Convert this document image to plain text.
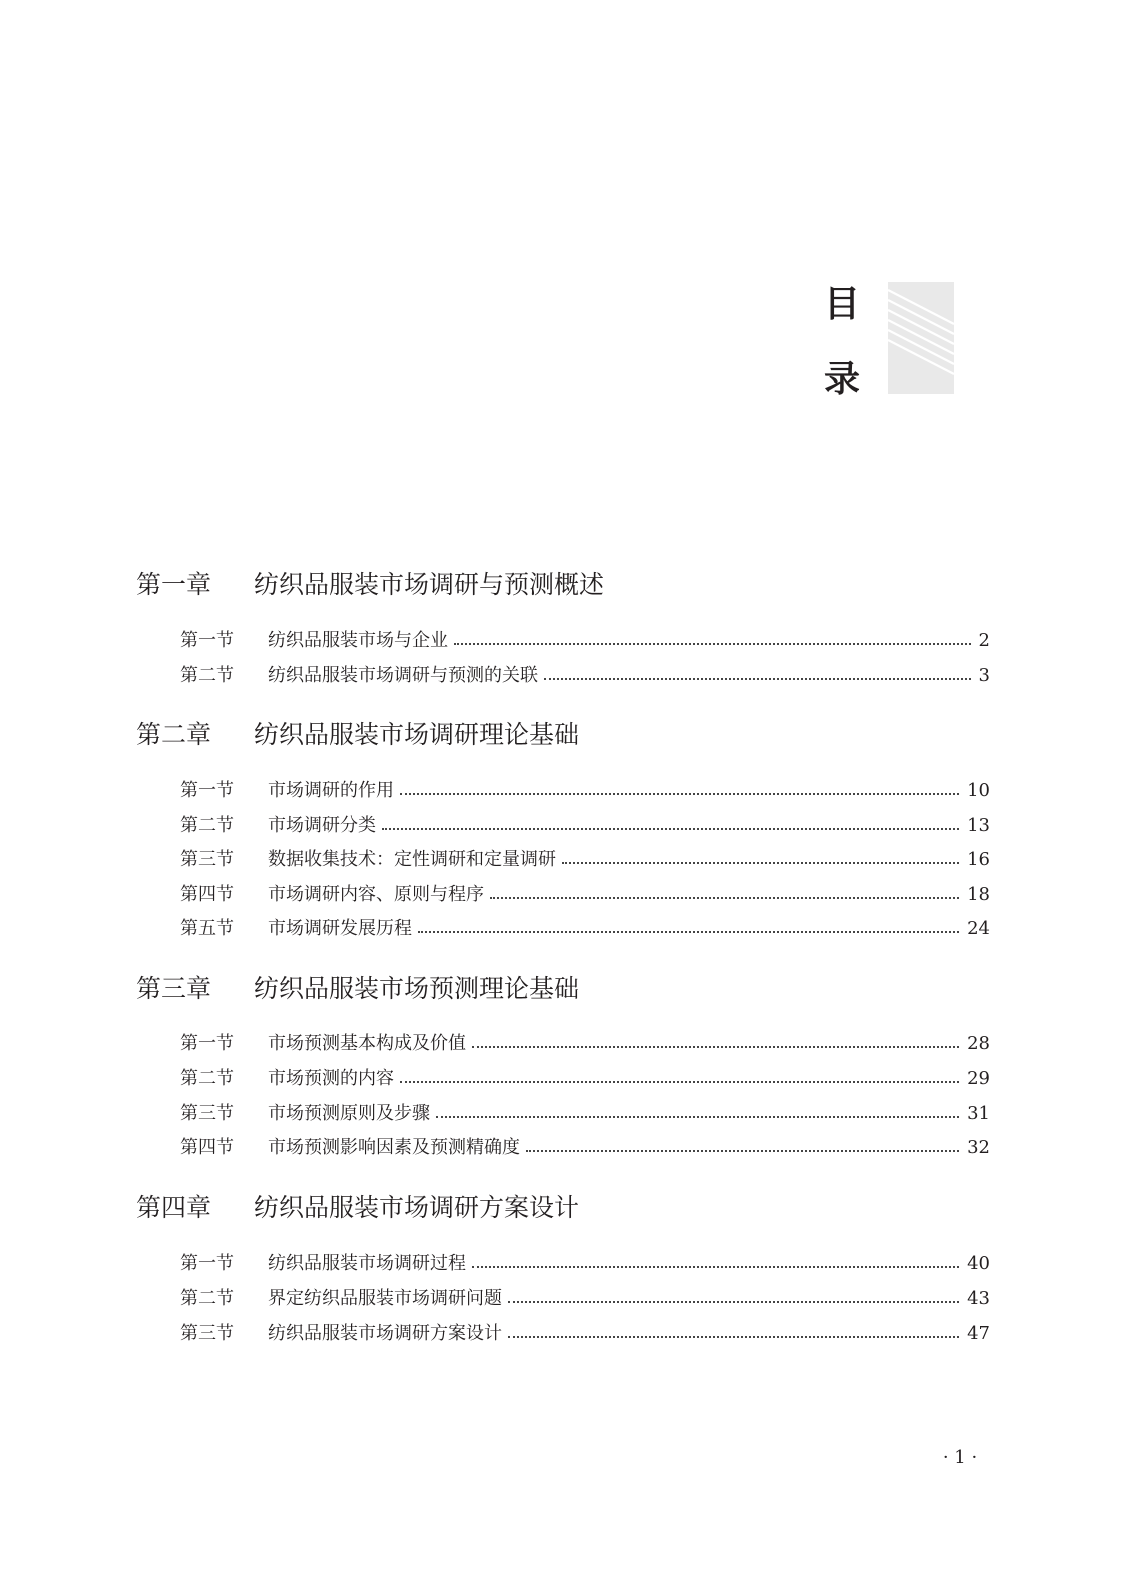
目
录
第一章 纺织品服装市场调研与预测概述
第一节	纺织品服装市场与企业	2
第二节	纺织品服装市场调研与预测的关联	3
第二章 纺织品服装市场调研理论基础
第一节	市场调研的作用	10
第二节	市场调研分类	13
第三节	数据收集技术：定性调研和定量调研	16
第四节	市场调研内容、原则与程序	18
第五节	市场调研发展历程	24
第三章 纺织品服装市场预测理论基础
第一节	市场预测基本构成及价值	28
第二节	市场预测的内容	29
第三节	市场预测原则及步骤	31
第四节	市场预测影响因素及预测精确度	32
第四章 纺织品服装市场调研方案设计
第一节	纺织品服装市场调研过程	40
第二节	界定纺织品服装市场调研问题	43
第三节	纺织品服装市场调研方案设计	47
· 1 ·
